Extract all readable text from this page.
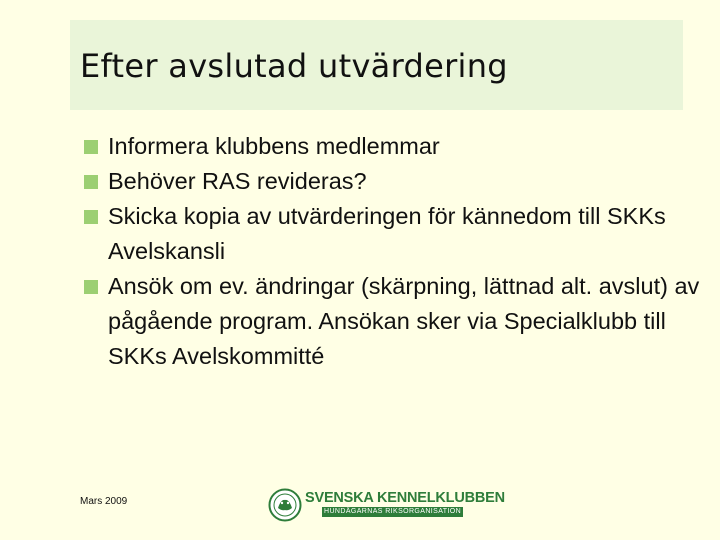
Efter avslutad utvärdering
Informera klubbens medlemmar
Behöver RAS revideras?
Skicka kopia av utvärderingen för kännedom till SKKs Avelskansli
Ansök om ev. ändringar (skärpning, lättnad alt. avslut) av pågående program. Ansökan sker via Specialklubb till SKKs Avelskommitté
Mars 2009	SVENSKA KENNELKLUBBEN
HUNDÄGARNAS RIKSORGANISATION
